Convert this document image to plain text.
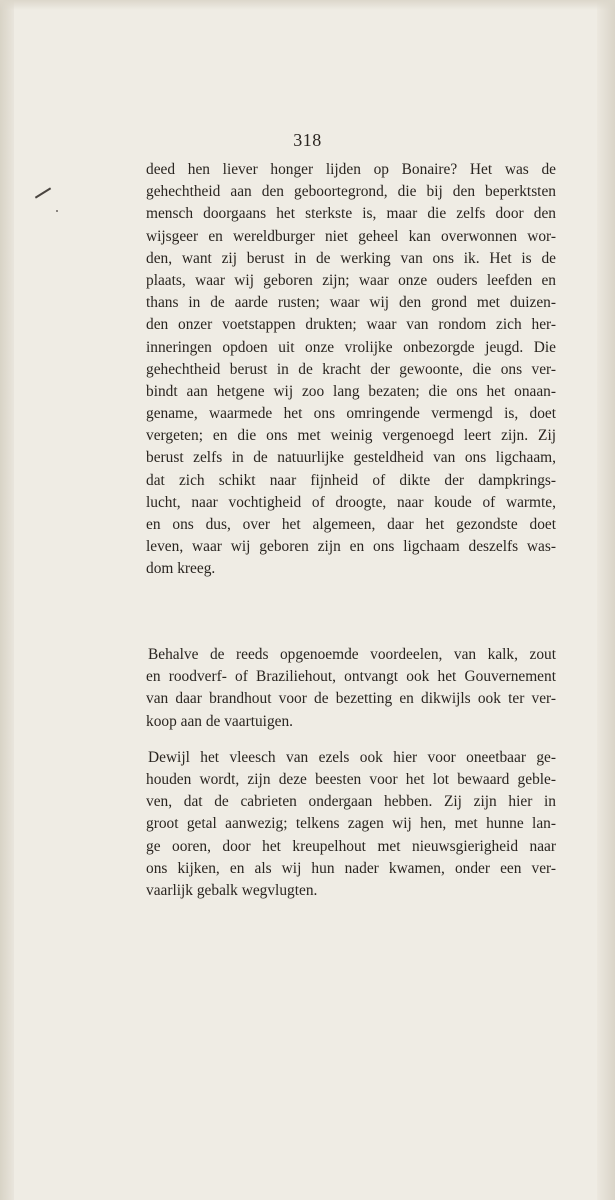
318
deed hen liever honger lijden op Bonaire? Het was de
gehechtheid aan den geboortegrond, die bij den beperktsten
mensch doorgaans het sterkste is, maar die zelfs door den
wijsgeer en wereldburger niet geheel kan overwonnen wor-
den, want zij berust in de werking van ons ik. Het is de
plaats, waar wij geboren zijn; waar onze ouders leefden en
thans in de aarde rusten; waar wij den grond met duizen-
den onzer voetstappen drukten; waar van rondom zich her-
inneringen opdoen uit onze vrolijke onbezorgde jeugd. Die
gehechtheid berust in de kracht der gewoonte, die ons ver-
bindt aan hetgene wij zoo lang bezaten; die ons het onaan-
gename, waarmede het ons omringende vermengd is, doet
vergeten; en die ons met weinig vergenoegd leert zijn. Zij
berust zelfs in de natuurlijke gesteldheid van ons ligchaam,
dat zich schikt naar fijnheid of dikte der dampkrings-
lucht, naar vochtigheid of droogte, naar koude of warmte,
en ons dus, over het algemeen, daar het gezondste doet
leven, waar wij geboren zijn en ons ligchaam deszelfs was-
dom kreeg.
Behalve de reeds opgenoemde voordeelen, van kalk, zout
en roodverf- of Braziliehout, ontvangt ook het Gouvernement
van daar brandhout voor de bezetting en dikwijls ook ter ver-
koop aan de vaartuigen.
Dewijl het vleesch van ezels ook hier voor oneetbaar ge-
houden wordt, zijn deze beesten voor het lot bewaard geble-
ven, dat de cabrieten ondergaan hebben. Zij zijn hier in
groot getal aanwezig; telkens zagen wij hen, met hunne lan-
ge ooren, door het kreupelhout met nieuwsgierigheid naar
ons kijken, en als wij hun nader kwamen, onder een ver-
vaarlijk gebalk wegvlugten.
